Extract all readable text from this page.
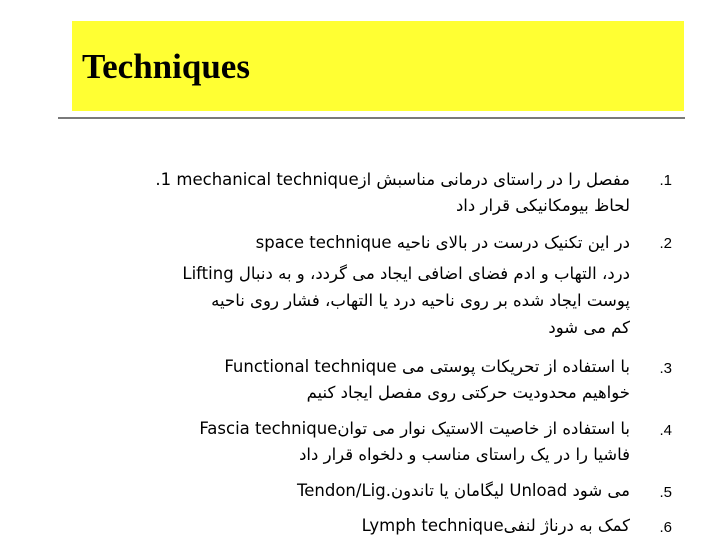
Techniques
.1
.1 mechanical techniqueمفصل را در راستای درمانی مناسبش از
لحاظ بیومکانیکی قرار داد
.2
space technique در این تکنیک درست در بالای ناحیه
درد، التهاب و ادم فضای اضافی ایجاد می گردد، و به دنبال Lifting
پوست ایجاد شده بر روی ناحیه درد یا التهاب، فشار روی ناحیه
کم می شود
.3
Functional technique با استفاده از تحریکات پوستی می
خواهیم محدودیت حرکتی روی مفصل ایجاد کنیم
.4
Fascia techniqueبا استفاده از خاصیت الاستیک نوار می توان
فاشیا را در یک راستای مناسب و دلخواه قرار داد
.5
Tendon/Lig.لیگامان یا تاندون Unload می شود
.6
Lymph techniqueکمک به درناژ لنفی
